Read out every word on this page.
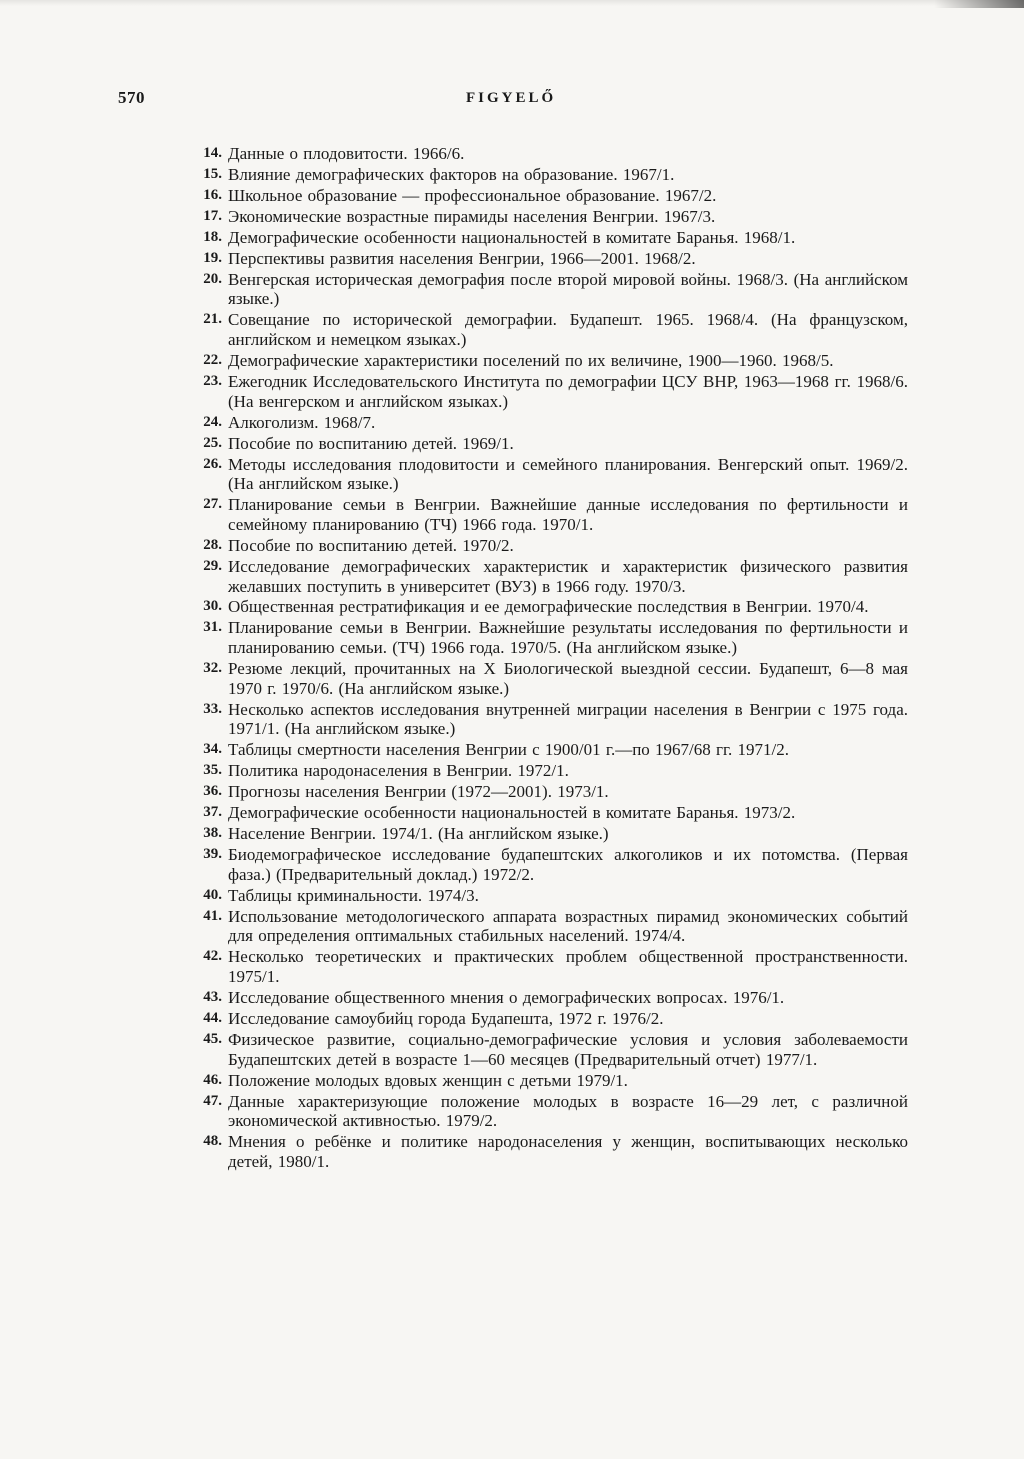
570	FIGYELŐ
14. Данные о плодовитости. 1966/6.
15. Влияние демографических факторов на образование. 1967/1.
16. Школьное образование — профессиональное образование. 1967/2.
17. Экономические возрастные пирамиды населения Венгрии. 1967/3.
18. Демографические особенности национальностей в комитате Баранья. 1968/1.
19. Перспективы развития населения Венгрии, 1966—2001. 1968/2.
20. Венгерская историческая демография после второй мировой войны. 1968/3. (На английском языке.)
21. Совещание по исторической демографии. Будапешт. 1965. 1968/4. (На французском, английском и немецком языках.)
22. Демографические характеристики поселений по их величине, 1900—1960. 1968/5.
23. Ежегодник Исследовательского Института по демографии ЦСУ ВНР, 1963—1968 гг. 1968/6. (На венгерском и английском языках.)
24. Алкоголизм. 1968/7.
25. Пособие по воспитанию детей. 1969/1.
26. Методы исследования плодовитости и семейного планирования. Венгерский опыт. 1969/2. (На английском языке.)
27. Планирование семьи в Венгрии. Важнейшие данные исследования по фертильности и семейному планированию (ТЧ) 1966 года. 1970/1.
28. Пособие по воспитанию детей. 1970/2.
29. Исследование демографических характеристик и характеристик физического развития желавших поступить в университет (ВУЗ) в 1966 году. 1970/3.
30. Общественная рестратификация и ее демографические последствия в Венгрии. 1970/4.
31. Планирование семьи в Венгрии. Важнейшие результаты исследования по фертильности и планированию семьи. (ТЧ) 1966 года. 1970/5. (На английском языке.)
32. Резюме лекций, прочитанных на X Биологической выездной сессии. Будапешт, 6—8 мая 1970 г. 1970/6. (На английском языке.)
33. Несколько аспектов исследования внутренней миграции населения в Венгрии с 1975 года. 1971/1. (На английском языке.)
34. Таблицы смертности населения Венгрии с 1900/01 г.—по 1967/68 гг. 1971/2.
35. Политика народонаселения в Венгрии. 1972/1.
36. Прогнозы населения Венгрии (1972—2001). 1973/1.
37. Демографические особенности национальностей в комитате Баранья. 1973/2.
38. Население Венгрии. 1974/1. (На английском языке.)
39. Биодемографическое исследование будапештских алкоголиков и их потомства. (Первая фаза.) (Предварительный доклад.) 1972/2.
40. Таблицы криминальности. 1974/3.
41. Использование методологического аппарата возрастных пирамид экономических событий для определения оптимальных стабильных населений. 1974/4.
42. Несколько теоретических и практических проблем общественной пространственности. 1975/1.
43. Исследование общественного мнения о демографических вопросах. 1976/1.
44. Исследование самоубийц города Будапешта, 1972 г. 1976/2.
45. Физическое развитие, социально-демографические условия и условия заболеваемости Будапештских детей в возрасте 1—60 месяцев (Предварительный отчет) 1977/1.
46. Положение молодых вдовых женщин с детьми 1979/1.
47. Данные характеризующие положение молодых в возрасте 16—29 лет, с различной экономической активностью. 1979/2.
48. Мнения о ребёнке и политике народонаселения у женщин, воспитывающих несколько детей, 1980/1.
